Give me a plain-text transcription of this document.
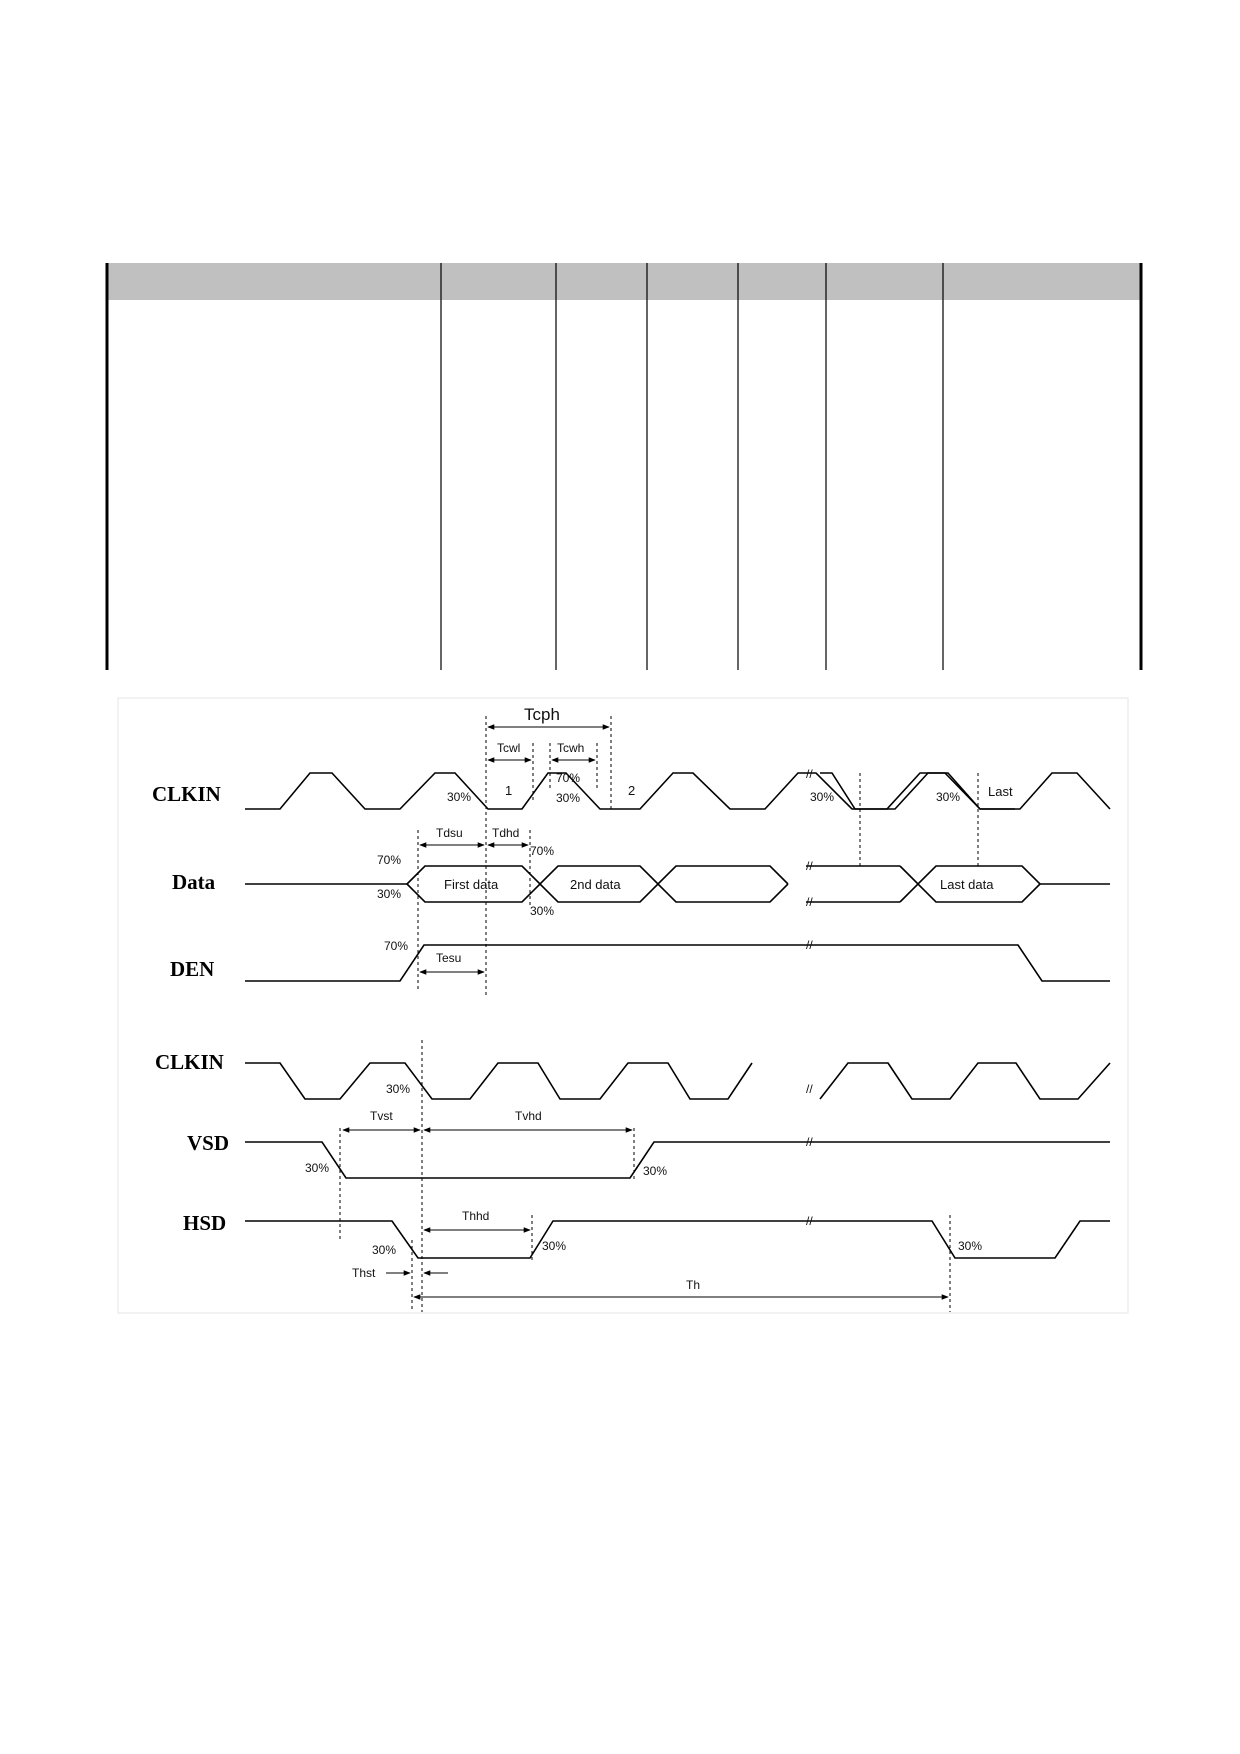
CLKIN
Data
DEN
//
//
//
First data	2nd data	Last data
//
Tcph
Tcwl	Tcwh
1	2	Last
30%
70%
30%	30%	30%
70%
30%
70%
30%
70%
Tdsu Tdhd
Tesu
CLKIN
VSD
HSD
//
//
//
Tvst	Tvhd
Thhd
Thst
Th
30%
30%	30%
30%	30%	30%
